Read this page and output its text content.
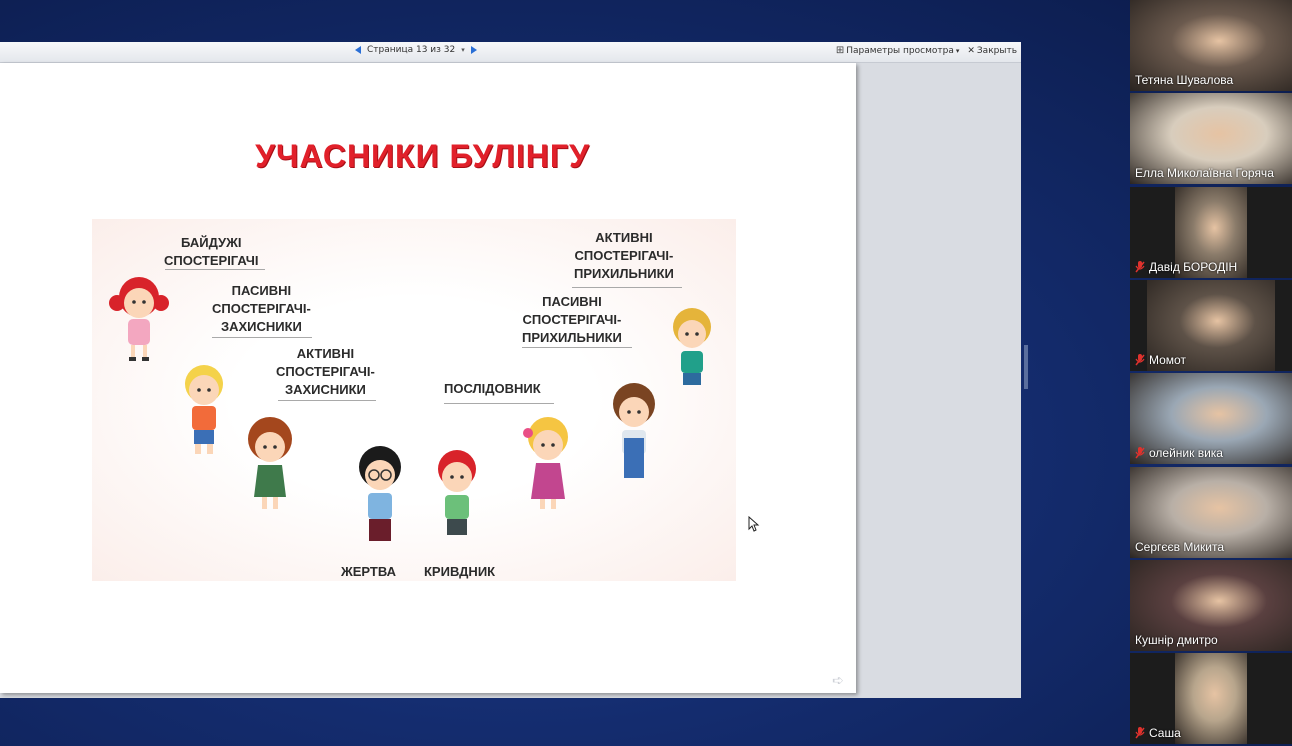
Страница 13 из 32 ▾	⊞ Параметры просмотра ▾ ✕ Закрыть
УЧАСНИКИ БУЛІНГУ
БАЙДУЖІ
СПОСТЕРІГАЧІ
ПАСИВНІ
СПОСТЕРІГАЧІ-
ЗАХИСНИКИ
АКТИВНІ
СПОСТЕРІГАЧІ-
ЗАХИСНИКИ
ЖЕРТВА КРИВДНИК
ПОСЛІДОВНИК
ПАСИВНІ
СПОСТЕРІГАЧІ-
ПРИХИЛЬНИКИ
АКТИВНІ
СПОСТЕРІГАЧІ-
ПРИХИЛЬНИКИ
➪
Тетяна Шувалова
Елла Миколаївна Горяча
Давід БОРОДІН
Момот
олейник вика
Сергєєв Микита
Кушнір дмитро
Саша
